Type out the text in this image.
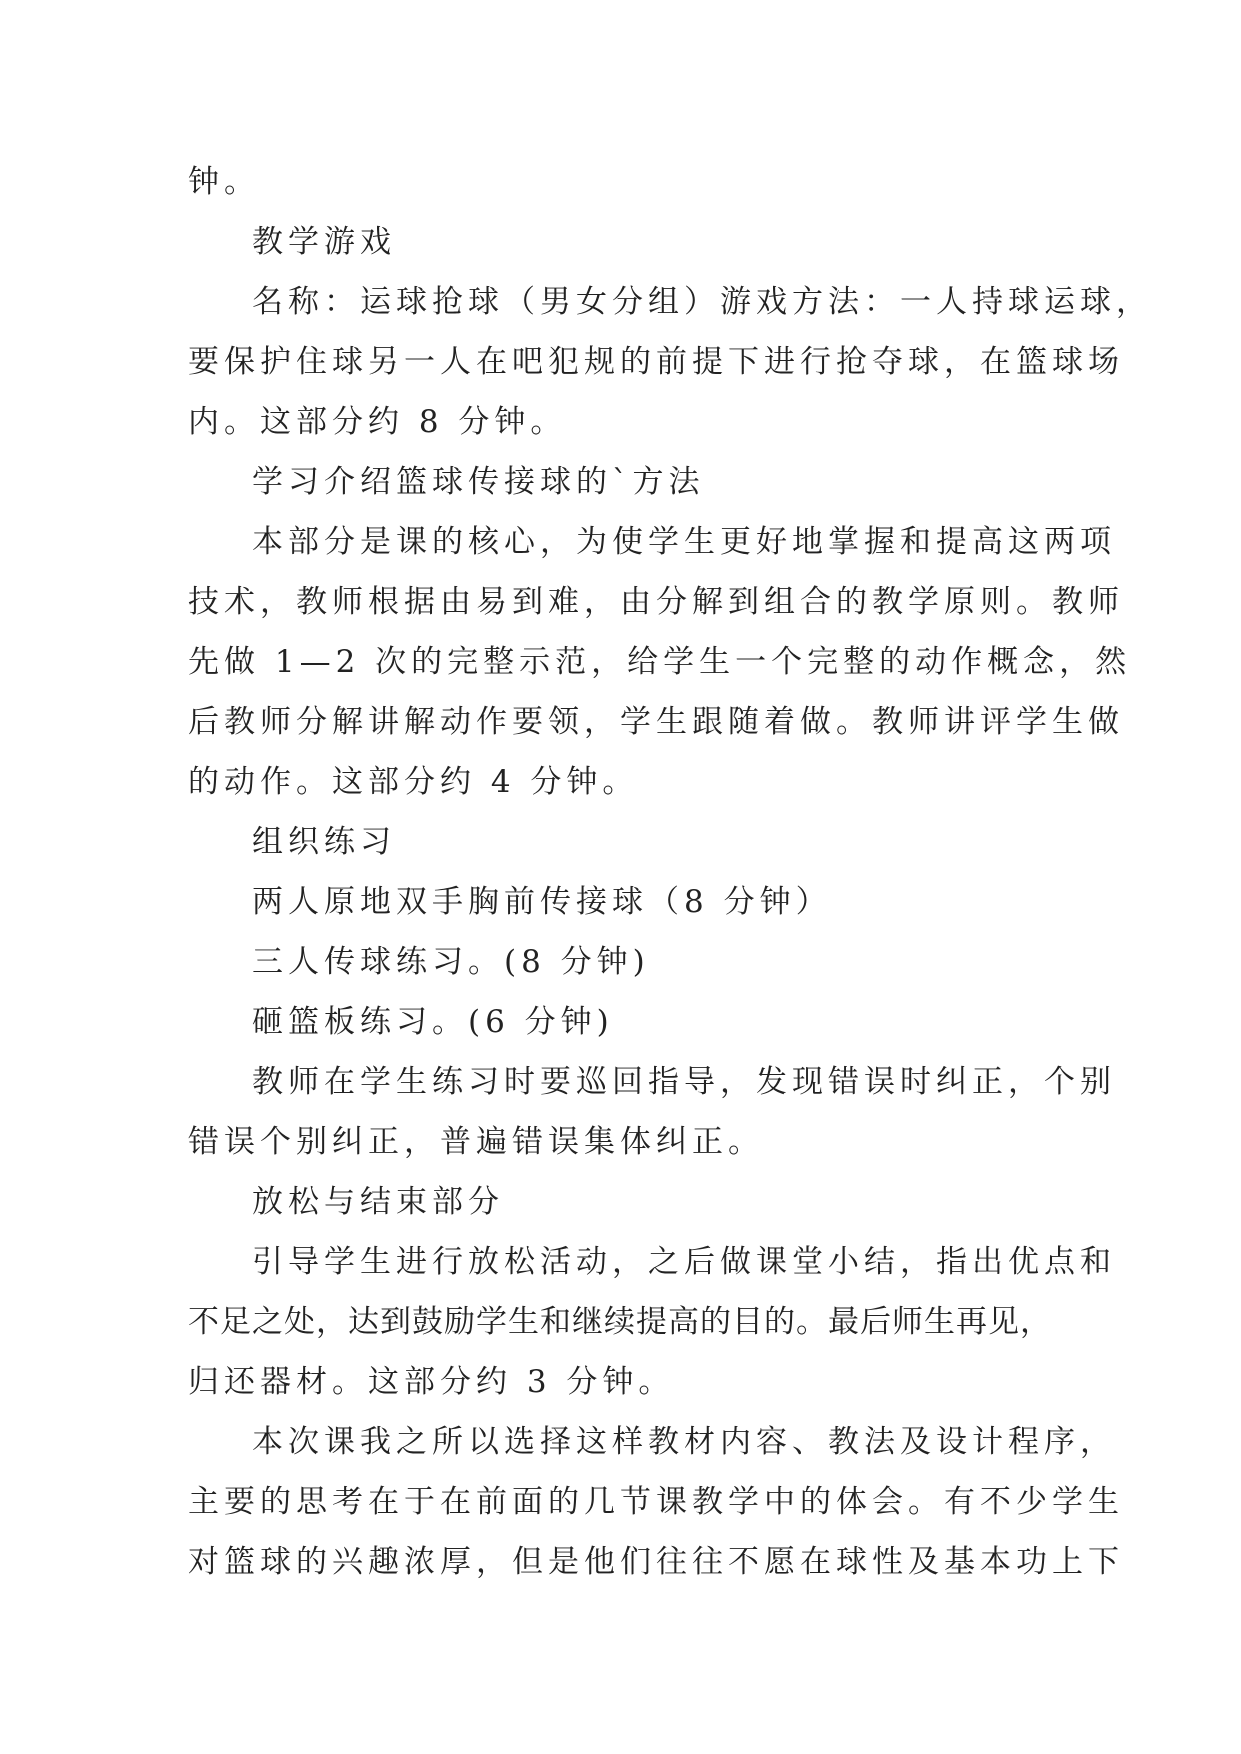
钟。
教学游戏
名称：运球抢球（男女分组）游戏方法：一人持球运球，
要保护住球另一人在吧犯规的前提下进行抢夺球，在篮球场
内。这部分约 8 分钟。
学习介绍篮球传接球的`方法
本部分是课的核心，为使学生更好地掌握和提高这两项
技术，教师根据由易到难，由分解到组合的教学原则。教师
先做 1—2 次的完整示范，给学生一个完整的动作概念，然
后教师分解讲解动作要领，学生跟随着做。教师讲评学生做
的动作。这部分约 4 分钟。
组织练习
两人原地双手胸前传接球（8 分钟）
三人传球练习。(8 分钟)
砸篮板练习。(6 分钟)
教师在学生练习时要巡回指导，发现错误时纠正，个别
错误个别纠正，普遍错误集体纠正。
放松与结束部分
引导学生进行放松活动，之后做课堂小结，指出优点和
不足之处，达到鼓励学生和继续提高的目的。最后师生再见，
归还器材。这部分约 3 分钟。
本次课我之所以选择这样教材内容、教法及设计程序，
主要的思考在于在前面的几节课教学中的体会。有不少学生
对篮球的兴趣浓厚，但是他们往往不愿在球性及基本功上下
